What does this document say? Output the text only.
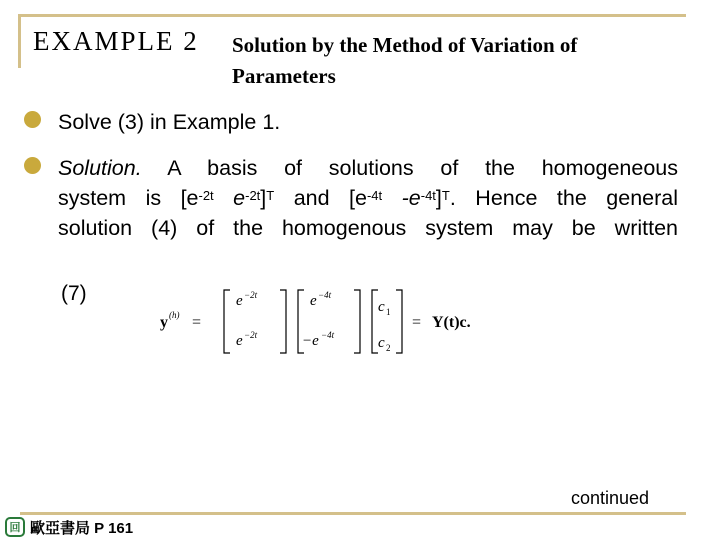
EXAMPLE 2 Solution by the Method of Variation of
Parameters
Solve (3) in Example 1.
Solution. A basis of solutions of the homogeneous
system is [$e^{-2t}$ $e^{-2t}]^T$ and [$e^{-4t}$ $-e^{-4t}]^T$. Hence the general
solution (4) of the homogenous system may be written
(7)
y (h) =
e −2t	e −4t
e −2t	−e −4t
c 1
c 2
= Y(t)c.
continued
回 歐亞書局 P 161
